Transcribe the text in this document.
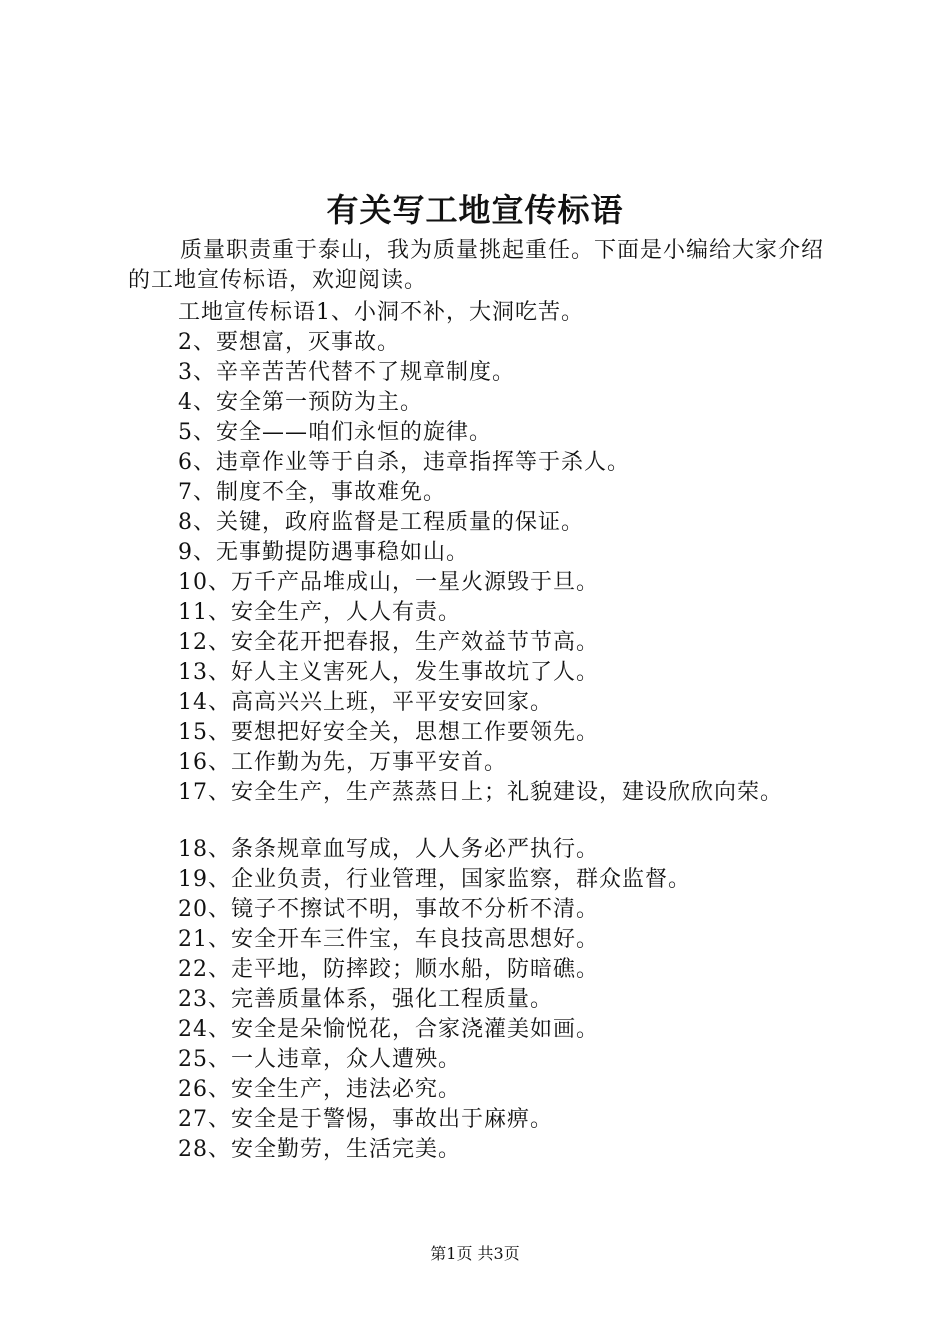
有关写工地宣传标语
质量职责重于泰山，我为质量挑起重任。下面是小编给大家介绍的工地宣传标语，欢迎阅读。
工地宣传标语1、小洞不补，大洞吃苦。
2、要想富，灭事故。
3、辛辛苦苦代替不了规章制度。
4、安全第一预防为主。
5、安全——咱们永恒的旋律。
6、违章作业等于自杀，违章指挥等于杀人。
7、制度不全，事故难免。
8、关键，政府监督是工程质量的保证。
9、无事勤提防遇事稳如山。
10、万千产品堆成山，一星火源毁于旦。
11、安全生产，人人有责。
12、安全花开把春报，生产效益节节高。
13、好人主义害死人，发生事故坑了人。
14、高高兴兴上班，平平安安回家。
15、要想把好安全关，思想工作要领先。
16、工作勤为先，万事平安首。
17、安全生产，生产蒸蒸日上；礼貌建设，建设欣欣向荣。
18、条条规章血写成，人人务必严执行。
19、企业负责，行业管理，国家监察，群众监督。
20、镜子不擦试不明，事故不分析不清。
21、安全开车三件宝，车良技高思想好。
22、走平地，防摔跤；顺水船，防暗礁。
23、完善质量体系，强化工程质量。
24、安全是朵愉悦花，合家浇灌美如画。
25、一人违章，众人遭殃。
26、安全生产，违法必究。
27、安全是于警惕，事故出于麻痹。
28、安全勤劳，生活完美。
第1页 共3页
